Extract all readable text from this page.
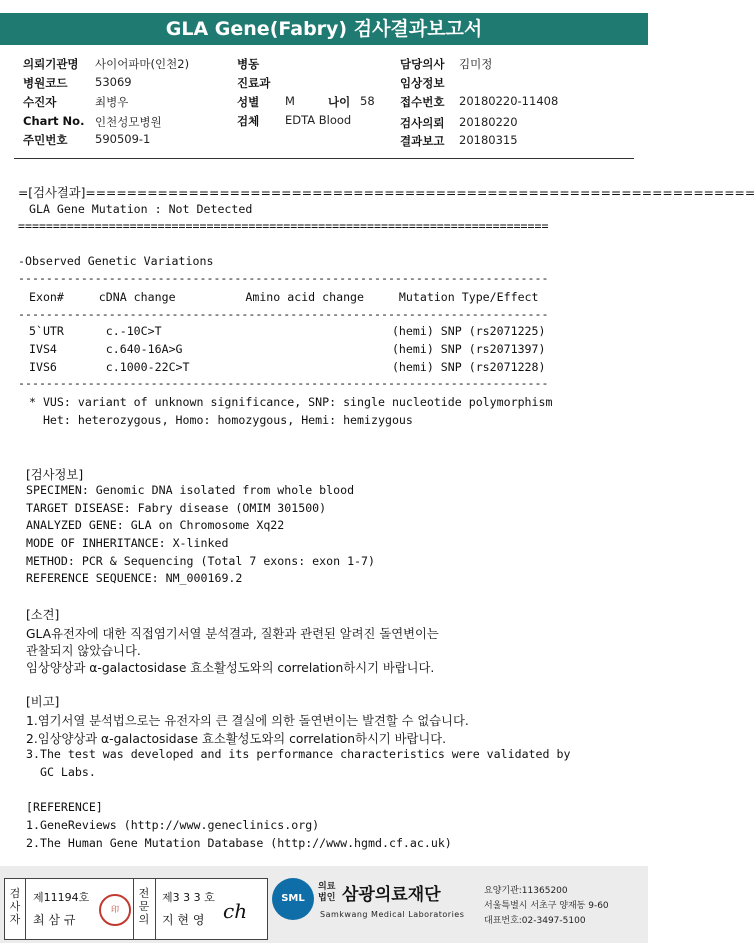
GLA Gene(Fabry) 검사결과보고서
의뢰기관명 사이어파마(인천2)
병원코드 53069
수진자	최병우
Chart No. 인천성모병원
주민번호 590509-1
병동
진료과
성별 M	나이 58
검체 EDTA Blood
담당의사 김미정
임상정보
접수번호 20180220-11408
검사의뢰 20180220
결과보고 20180315
=[검사결과]=================================================================
GLA Gene Mutation : Not Detected
============================================================================
-Observed Genetic Variations
----------------------------------------------------------------------------
Exon#     cDNA change          Amino acid change     Mutation Type/Effect
----------------------------------------------------------------------------
5`UTR      c.-10C>T                                 (hemi) SNP (rs2071225)
IVS4       c.640-16A>G                              (hemi) SNP (rs2071397)
IVS6       c.1000-22C>T                             (hemi) SNP (rs2071228)
----------------------------------------------------------------------------
* VUS: variant of unknown significance, SNP: single nucleotide polymorphism
Het: heterozygous, Homo: homozygous, Hemi: hemizygous
[검사정보]
SPECIMEN: Genomic DNA isolated from whole blood
TARGET DISEASE: Fabry disease (OMIM 301500)
ANALYZED GENE: GLA on Chromosome Xq22
MODE OF INHERITANCE: X-linked
METHOD: PCR & Sequencing (Total 7 exons: exon 1-7)
REFERENCE SEQUENCE: NM_000169.2
[소견]
GLA유전자에 대한 직접염기서열 분석결과, 질환과 관련된 알려진 돌연변이는
관찰되지 않았습니다.
임상양상과 α-galactosidase 효소활성도와의 correlation하시기 바랍니다.
[비고]
1.염기서열 분석법으로는 유전자의 큰 결실에 의한 돌연변이는 발견할 수 없습니다.
2.임상양상과 α-galactosidase 효소활성도와의 correlation하시기 바랍니다.
3.The test was developed and its performance characteristics were validated by
GC Labs.
[REFERENCE]
1.GeneReviews (http://www.geneclinics.org)
2.The Human Gene Mutation Database (http://www.hgmd.cf.ac.uk)
검사자
제11194호
최 삼 규
印
전문의
제3 3 3 호
지 현 영 ch
SML
의료법인 삼광의료재단
Samkwang Medical Laboratories
요양기관:11365200
서울특별시 서초구 양재동 9-60
대표번호:02-3497-5100
